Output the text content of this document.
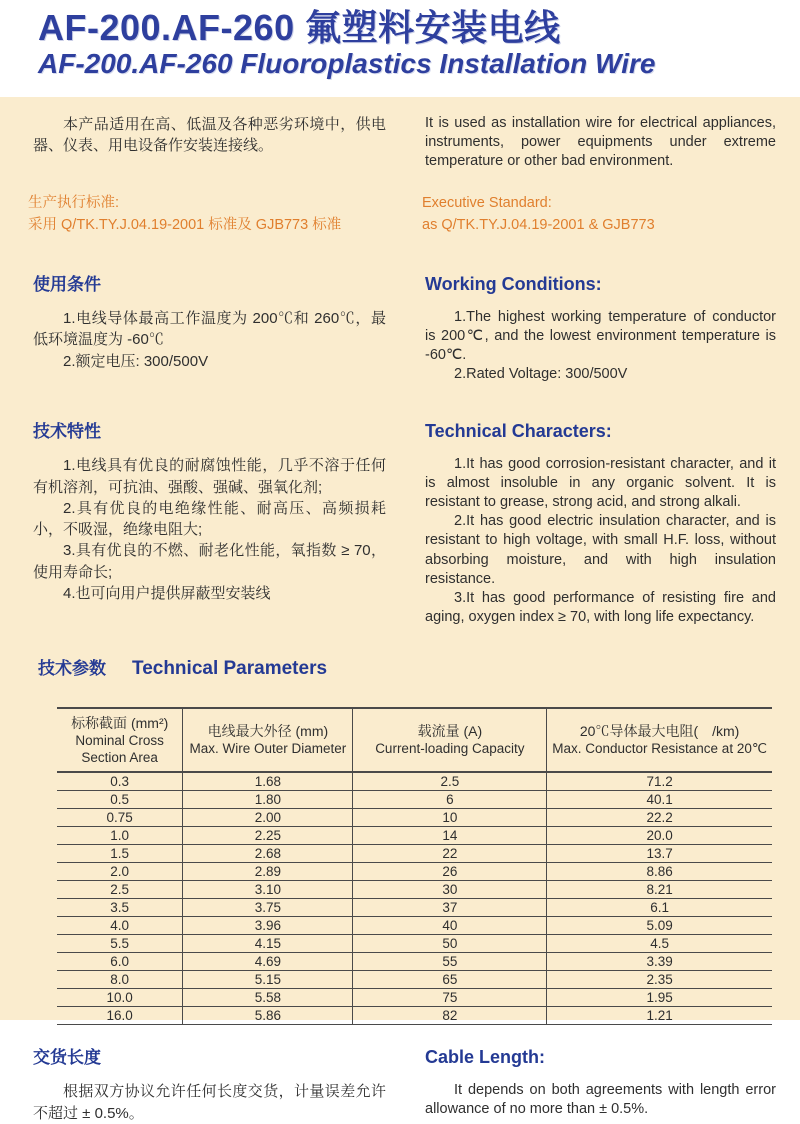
AF-200.AF-260 氟塑料安装电线
AF-200.AF-260 Fluoroplastics Installation Wire

本产品适用在高、低温及各种恶劣环境中，供电器、仪表、用电设备作安装连接线。

It is used as installation wire for electrical appliances, instruments, power equipments under extreme temperature or other bad environment.

生产执行标准:

采用 Q/TK.TY.J.04.19-2001 标准及 GJB773 标准

Executive Standard:

as Q/TK.TY.J.04.19-2001 & GJB773

使用条件

1.电线导体最高工作温度为 200℃和 260℃，最低环境温度为 -60℃

2.额定电压: 300/500V

Working Conditions:

1.The highest working temperature of conductor is 200℃, and the lowest environment temperature is -60℃.

2.Rated Voltage: 300/500V

技术特性

1.电线具有优良的耐腐蚀性能，几乎不溶于任何有机溶剂，可抗油、强酸、强碱、强氧化剂;

2.具有优良的电绝缘性能、耐高压、高频损耗小，不吸湿，绝缘电阻大;

3.具有优良的不燃、耐老化性能，氧指数 ≥ 70，使用寿命长;

4.也可向用户提供屏蔽型安装线

Technical Characters:

1.It has good corrosion-resistant character, and it is almost insoluble in any organic solvent. It is resistant to grease, strong acid, and strong alkali.

2.It has good electric insulation character, and is resistant to high voltage, with small H.F. loss, without absorbing moisture, and with high insulation resistance.

3.It has good performance of resisting fire and aging, oxygen index ≥ 70, with long life expectancy.

技术参数 Technical Parameters
标称截面 (mm²)
Nominal Cross Section Area

电线最大外径 (mm)
Max. Wire Outer Diameter

载流量 (A)
Current-loading Capacity

20℃导体最大电阻(　/km)
Max. Conductor Resistance at 20℃

0.3	1.68	2.5	71.2
0.5	1.80	6	40.1
0.75	2.00	10	22.2
1.0	2.25	14	20.0
1.5	2.68	22	13.7
2.0	2.89	26	8.86
2.5	3.10	30	8.21
3.5	3.75	37	6.1
4.0	3.96	40	5.09
5.5	4.15	50	4.5
6.0	4.69	55	3.39
8.0	5.15	65	2.35
10.0	5.58	75	1.95
16.0	5.86	82	1.21
交货长度

根据双方协议允许任何长度交货，计量误差允许不超过 ± 0.5%。

Cable Length:

It depends on both agreements with length error allowance of no more than ± 0.5%.
